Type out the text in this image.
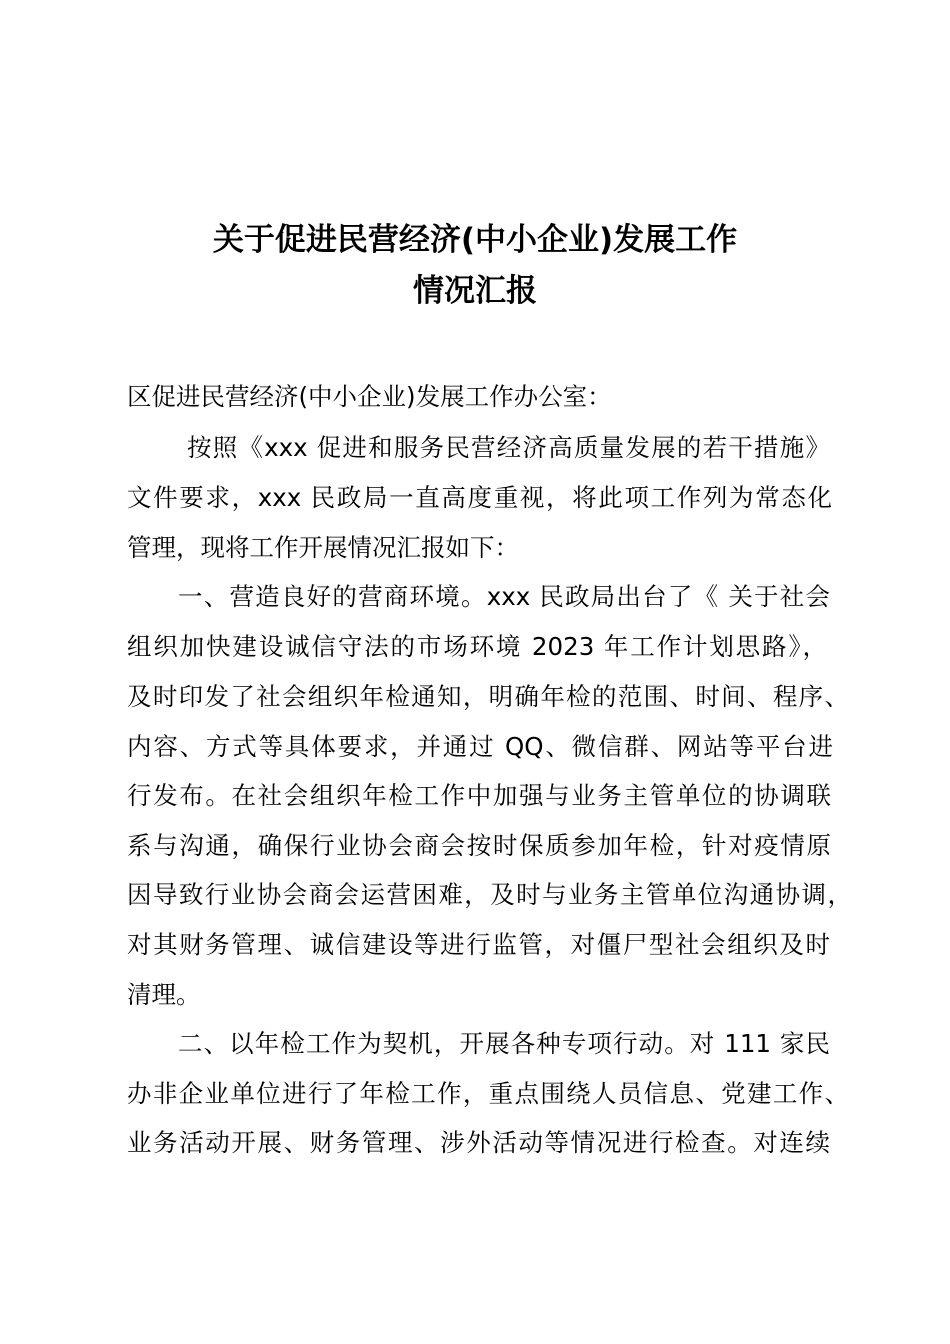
关于促进民营经济(中小企业)发展工作
情况汇报
区促进民营经济(中小企业)发展工作办公室：
按照《xxx 促进和服务民营经济高质量发展的若干措施》
文件要求，xxx 民政局一直高度重视，将此项工作列为常态化
管理，现将工作开展情况汇报如下：
一、营造良好的营商环境。xxx 民政局出台了《 关于社会
组织加快建设诚信守法的市场环境 2023 年工作计划思路》，
及时印发了社会组织年检通知，明确年检的范围、时间、程序、
内容、方式等具体要求，并通过 QQ、微信群、网站等平台进
行发布。在社会组织年检工作中加强与业务主管单位的协调联
系与沟通，确保行业协会商会按时保质参加年检，针对疫情原
因导致行业协会商会运营困难，及时与业务主管单位沟通协调，
对其财务管理、诚信建设等进行监管，对僵尸型社会组织及时
清理。
二、以年检工作为契机，开展各种专项行动。对 111 家民
办非企业单位进行了年检工作，重点围绕人员信息、党建工作、
业务活动开展、财务管理、涉外活动等情况进行检查。对连续
